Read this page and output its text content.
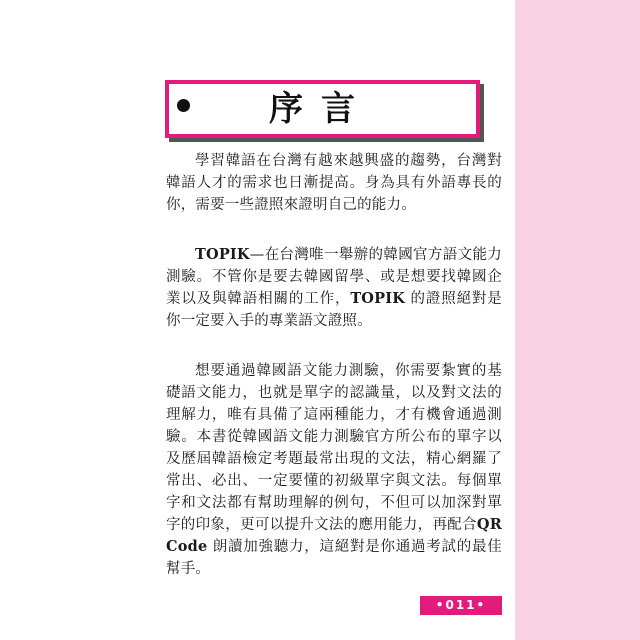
序言

學習韓語在台灣有越來越興盛的趨勢，台灣對韓語人才的需求也日漸提高。身為具有外語專長的你，需要一些證照來證明自己的能力。

TOPIK—在台灣唯一舉辦的韓國官方語文能力測驗。不管你是要去韓國留學、或是想要找韓國企業以及與韓語相關的工作，TOPIK 的證照絕對是你一定要入手的專業語文證照。

想要通過韓國語文能力測驗，你需要紮實的基礎語文能力，也就是單字的認識量，以及對文法的理解力，唯有具備了這兩種能力，才有機會通過測驗。本書從韓國語文能力測驗官方所公布的單字以及歷屆韓語檢定考題最常出現的文法，精心網羅了常出、必出、一定要懂的初級單字與文法。每個單字和文法都有幫助理解的例句，不但可以加深對單字的印象，更可以提升文法的應用能力，再配合QR Code 朗讀加強聽力，這絕對是你通過考試的最佳幫手。

•011•
